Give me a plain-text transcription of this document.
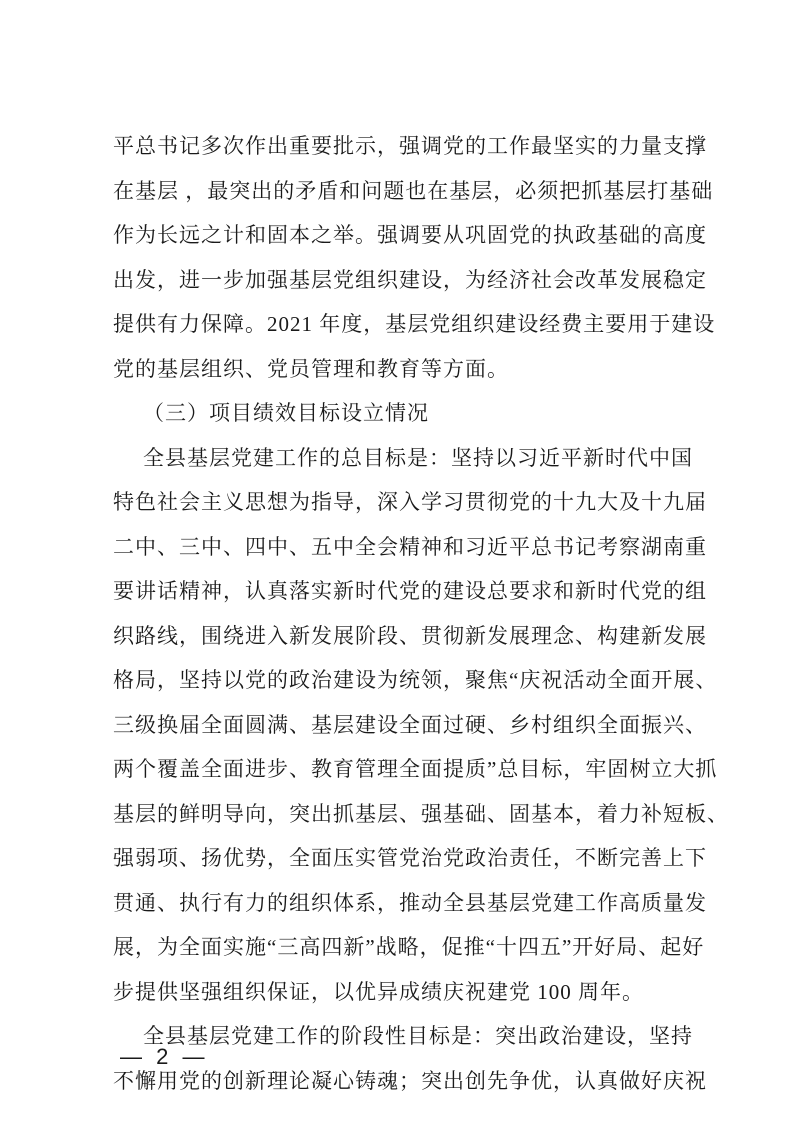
平总书记多次作出重要批示，强调党的工作最坚实的力量支撑
在基层 ，最突出的矛盾和问题也在基层，必须把抓基层打基础
作为长远之计和固本之举。强调要从巩固党的执政基础的高度
出发，进一步加强基层党组织建设，为经济社会改革发展稳定
提供有力保障。2021 年度，基层党组织建设经费主要用于建设
党的基层组织、党员管理和教育等方面。
（三）项目绩效目标设立情况
全县基层党建工作的总目标是：坚持以习近平新时代中国
特色社会主义思想为指导，深入学习贯彻党的十九大及十九届
二中、三中、四中、五中全会精神和习近平总书记考察湖南重
要讲话精神，认真落实新时代党的建设总要求和新时代党的组
织路线，围绕进入新发展阶段、贯彻新发展理念、构建新发展
格局，坚持以党的政治建设为统领，聚焦“庆祝活动全面开展、
三级换届全面圆满、基层建设全面过硬、乡村组织全面振兴、
两个覆盖全面进步、教育管理全面提质”总目标，牢固树立大抓
基层的鲜明导向，突出抓基层、强基础、固基本，着力补短板、
强弱项、扬优势，全面压实管党治党政治责任，不断完善上下
贯通、执行有力的组织体系，推动全县基层党建工作高质量发
展，为全面实施“三高四新”战略，促推“十四五”开好局、起好
步提供坚强组织保证，以优异成绩庆祝建党 100 周年。
全县基层党建工作的阶段性目标是：突出政治建设，坚持
不懈用党的创新理论凝心铸魂；突出创先争优，认真做好庆祝
— 2 —
